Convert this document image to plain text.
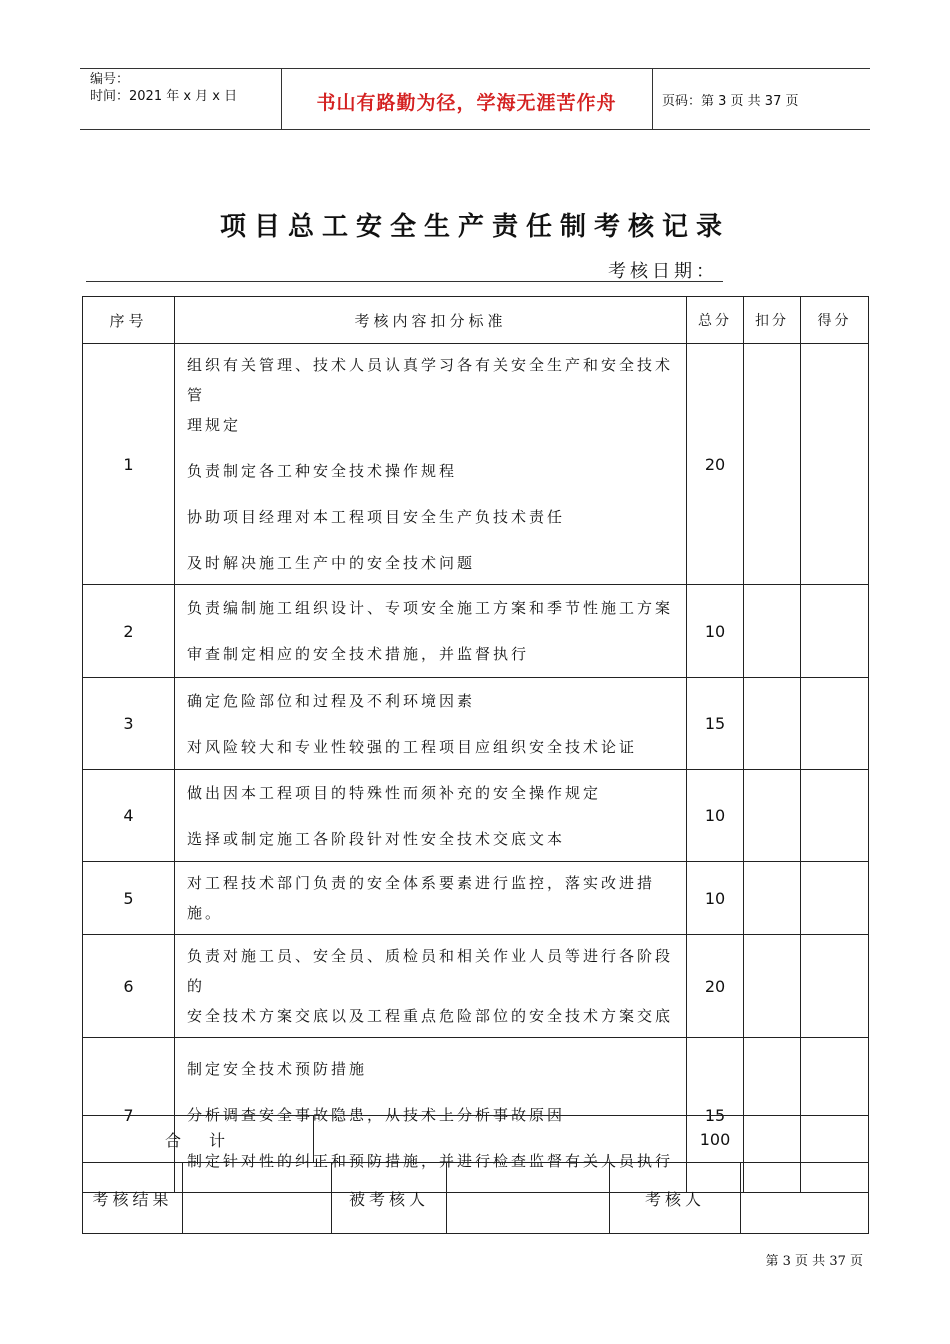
编号：
时间：2021 年 x 月 x 日	书山有路勤为径，学海无涯苦作舟	页码：第 3 页 共 37 页
项目总工安全生产责任制考核记录
考核日期：
序号	考核内容扣分标准	总分	扣分	得分
1	组织有关管理、技术人员认真学习各有关安全生产和安全技术管
理规定
负责制定各工种安全技术操作规程
协助项目经理对本工程项目安全生产负技术责任
及时解决施工生产中的安全技术问题	20		
2	负责编制施工组织设计、专项安全施工方案和季节性施工方案
审查制定相应的安全技术措施，并监督执行	10		
3	确定危险部位和过程及不利环境因素
对风险较大和专业性较强的工程项目应组织安全技术论证	15		
4	做出因本工程项目的特殊性而须补充的安全操作规定
选择或制定施工各阶段针对性安全技术交底文本	10		
5	对工程技术部门负责的安全体系要素进行监控，落实改进措施。	10		
6	负责对施工员、安全员、质检员和相关作业人员等进行各阶段的
安全技术方案交底以及工程重点危险部位的安全技术方案交底	20		
7	制定安全技术预防措施
分析调查安全事故隐患，从技术上分析事故原因
制定针对性的纠正和预防措施，并进行检查监督有关人员执行	15		
合　计		100		
考核结果		被考核人		考核人	
第 3 页 共 37 页
